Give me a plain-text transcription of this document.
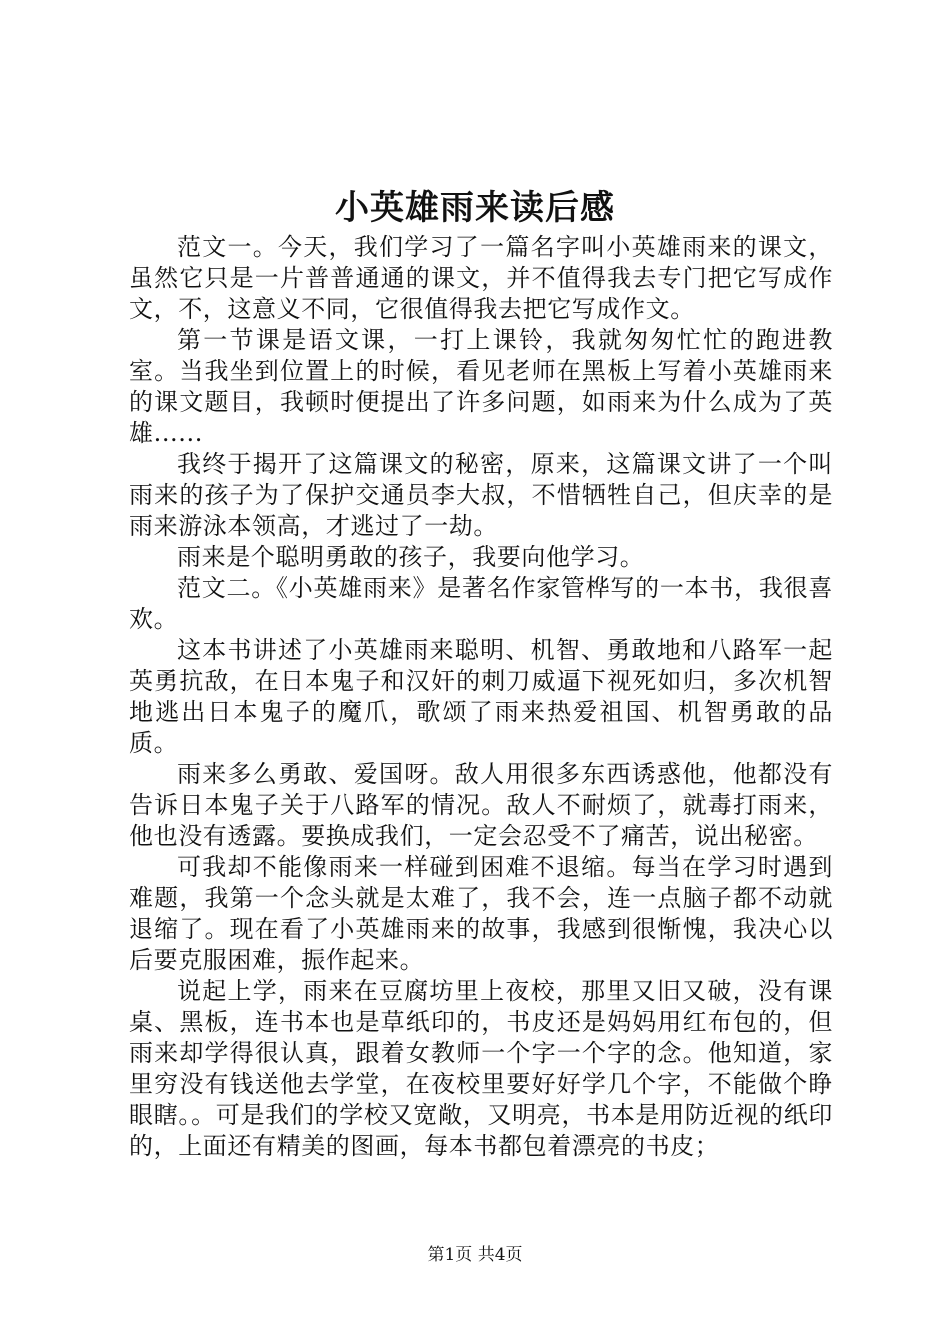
小英雄雨来读后感

范文一。今天，我们学习了一篇名字叫小英雄雨来的课文，虽然它只是一片普普通通的课文，并不值得我去专门把它写成作文，不，这意义不同，它很值得我去把它写成作文。

第一节课是语文课，一打上课铃，我就匆匆忙忙的跑进教室。当我坐到位置上的时候，看见老师在黑板上写着小英雄雨来的课文题目，我顿时便提出了许多问题，如雨来为什么成为了英雄......

我终于揭开了这篇课文的秘密，原来，这篇课文讲了一个叫雨来的孩子为了保护交通员李大叔，不惜牺牲自己，但庆幸的是雨来游泳本领高，才逃过了一劫。

雨来是个聪明勇敢的孩子，我要向他学习。

范文二。《小英雄雨来》是著名作家管桦写的一本书，我很喜欢。

这本书讲述了小英雄雨来聪明、机智、勇敢地和八路军一起英勇抗敌，在日本鬼子和汉奸的刺刀威逼下视死如归，多次机智地逃出日本鬼子的魔爪，歌颂了雨来热爱祖国、机智勇敢的品质。

雨来多么勇敢、爱国呀。敌人用很多东西诱惑他，他都没有告诉日本鬼子关于八路军的情况。敌人不耐烦了，就毒打雨来，他也没有透露。要换成我们，一定会忍受不了痛苦，说出秘密。

可我却不能像雨来一样碰到困难不退缩。每当在学习时遇到难题，我第一个念头就是太难了，我不会，连一点脑子都不动就退缩了。现在看了小英雄雨来的故事，我感到很惭愧，我决心以后要克服困难，振作起来。

说起上学，雨来在豆腐坊里上夜校，那里又旧又破，没有课桌、黑板，连书本也是草纸印的，书皮还是妈妈用红布包的，但雨来却学得很认真，跟着女教师一个字一个字的念。他知道，家里穷没有钱送他去学堂，在夜校里要好好学几个字，不能做个睁眼瞎。。可是我们的学校又宽敞，又明亮，书本是用防近视的纸印的，上面还有精美的图画，每本书都包着漂亮的书皮；

第1页 共4页
